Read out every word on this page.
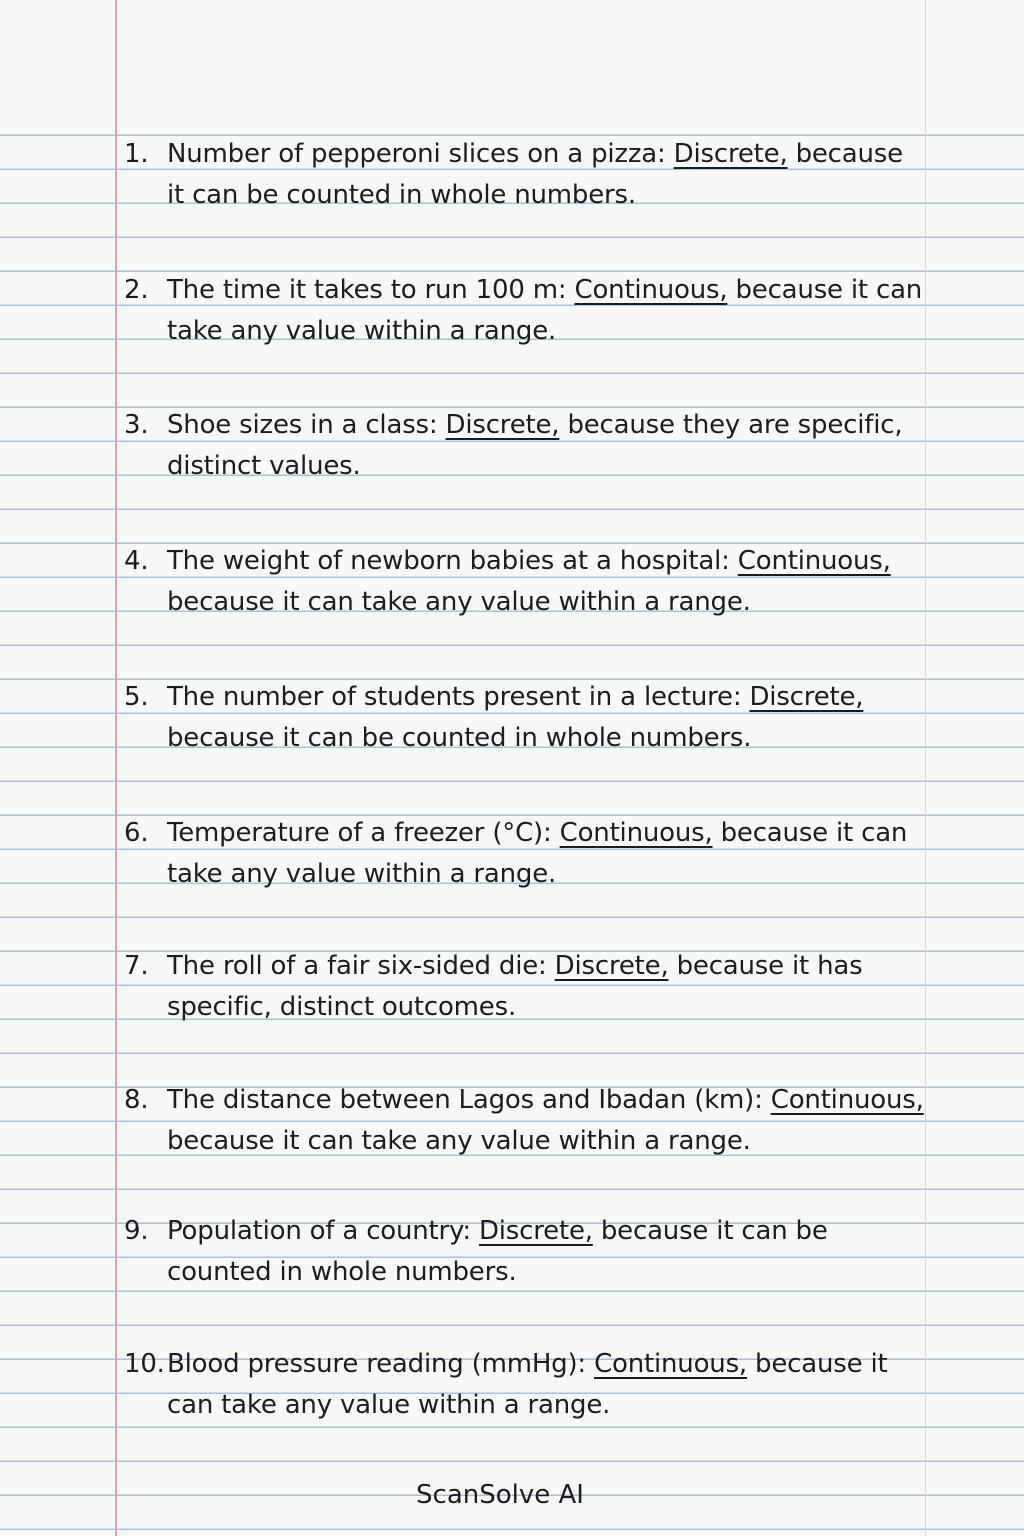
1. Number of pepperoni slices on a pizza: Discrete, because it can be counted in whole numbers.
2. The time it takes to run 100 m: Continuous, because it can take any value within a range.
3. Shoe sizes in a class: Discrete, because they are specific, distinct values.
4. The weight of newborn babies at a hospital: Continuous, because it can take any value within a range.
5. The number of students present in a lecture: Discrete, because it can be counted in whole numbers.
6. Temperature of a freezer (°C): Continuous, because it can take any value within a range.
7. The roll of a fair six-sided die: Discrete, because it has specific, distinct outcomes.
8. The distance between Lagos and Ibadan (km): Continuous, because it can take any value within a range.
9. Population of a country: Discrete, because it can be counted in whole numbers.
10. Blood pressure reading (mmHg): Continuous, because it can take any value within a range.
ScanSolve AI
